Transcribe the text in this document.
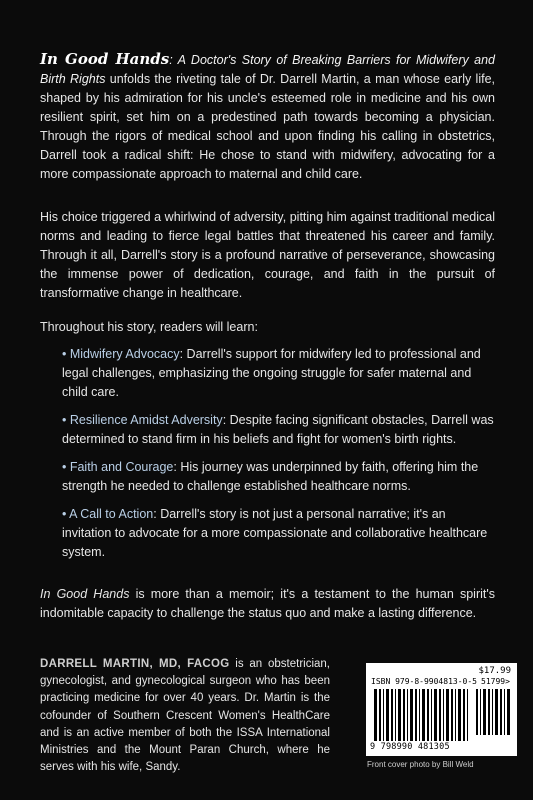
In Good Hands: A Doctor's Story of Breaking Barriers for Midwifery and Birth Rights unfolds the riveting tale of Dr. Darrell Martin, a man whose early life, shaped by his admiration for his uncle's esteemed role in medicine and his own resilient spirit, set him on a predestined path towards becoming a physician. Through the rigors of medical school and upon finding his calling in obstetrics, Darrell took a radical shift: He chose to stand with midwifery, advocating for a more compassionate approach to maternal and child care.

His choice triggered a whirlwind of adversity, pitting him against traditional medical norms and leading to fierce legal battles that threatened his career and family. Through it all, Darrell's story is a profound narrative of perseverance, showcasing the immense power of dedication, courage, and faith in the pursuit of transformative change in healthcare.

Throughout his story, readers will learn:

• Midwifery Advocacy: Darrell's support for midwifery led to professional and legal challenges, emphasizing the ongoing struggle for safer maternal and child care.
• Resilience Amidst Adversity: Despite facing significant obstacles, Darrell was determined to stand firm in his beliefs and fight for women's birth rights.
• Faith and Courage: His journey was underpinned by faith, offering him the strength he needed to challenge established healthcare norms.
• A Call to Action: Darrell's story is not just a personal narrative; it's an invitation to advocate for a more compassionate and collaborative healthcare system.

In Good Hands is more than a memoir; it's a testament to the human spirit's indomitable capacity to challenge the status quo and make a lasting difference.

DARRELL MARTIN, MD, FACOG is an obstetrician, gynecologist, and gynecological surgeon who has been practicing medicine for over 40 years. Dr. Martin is the cofounder of Southern Crescent Women's HealthCare and is an active member of both the ISSA International Ministries and the Mount Paran Church, where he serves with his wife, Sandy.

$17.99
ISBN 979-8-9904813-0-5 51799>
9 798990 481305
Front cover photo by Bill Weld
